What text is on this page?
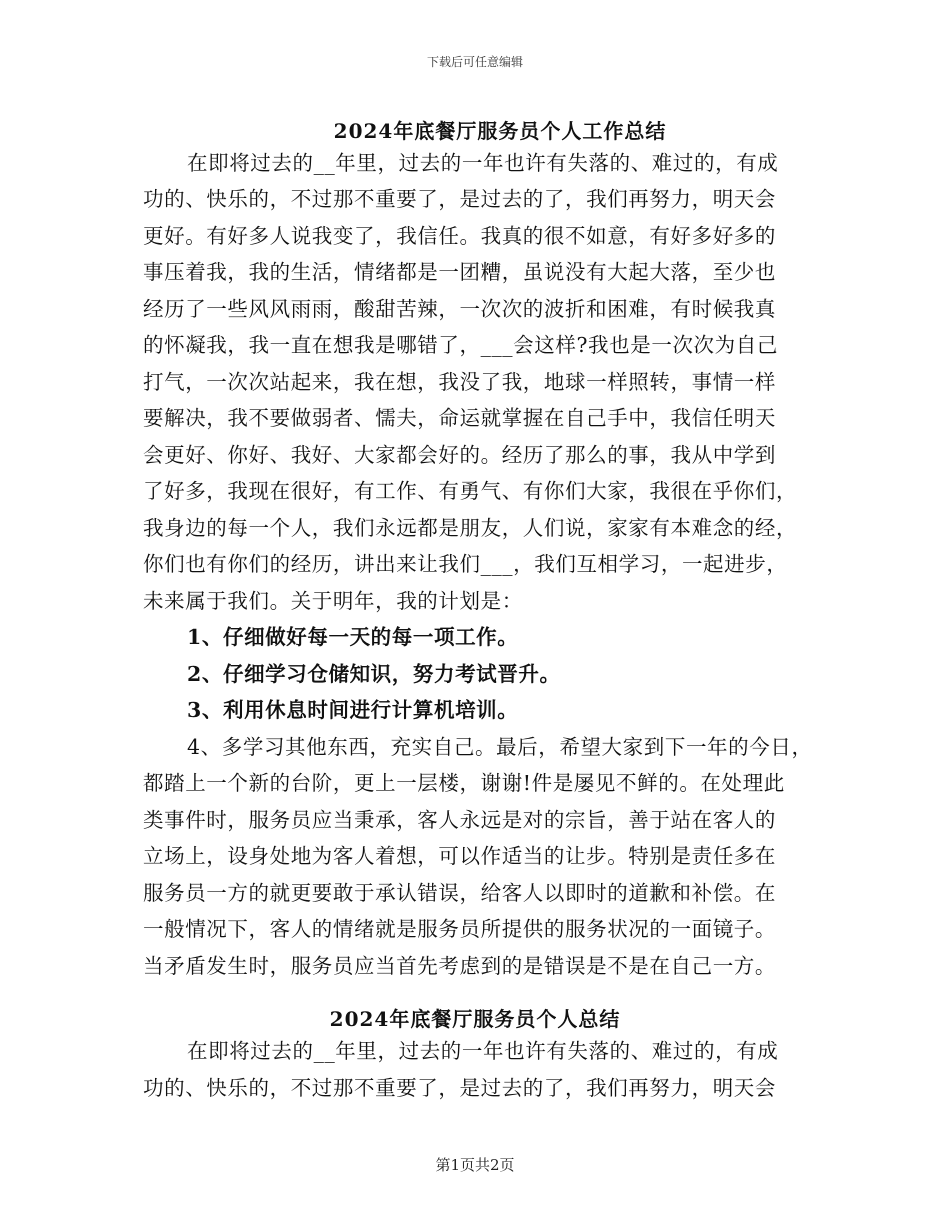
下载后可任意编辑
2024年底餐厅服务员个人工作总结
在即将过去的__年里，过去的一年也许有失落的、难过的，有成
功的、快乐的，不过那不重要了，是过去的了，我们再努力，明天会
更好。有好多人说我变了，我信任。我真的很不如意，有好多好多的
事压着我，我的生活，情绪都是一团糟，虽说没有大起大落，至少也
经历了一些风风雨雨，酸甜苦辣，一次次的波折和困难，有时候我真
的怀凝我，我一直在想我是哪错了，___会这样?我也是一次次为自己
打气，一次次站起来，我在想，我没了我，地球一样照转，事情一样
要解决，我不要做弱者、懦夫，命运就掌握在自己手中，我信任明天
会更好、你好、我好、大家都会好的。经历了那么的事，我从中学到
了好多，我现在很好，有工作、有勇气、有你们大家，我很在乎你们，
我身边的每一个人，我们永远都是朋友，人们说，家家有本难念的经，
你们也有你们的经历，讲出来让我们___，我们互相学习，一起进步，
未来属于我们。关于明年，我的计划是：
1、仔细做好每一天的每一项工作。
2、仔细学习仓储知识，努力考试晋升。
3、利用休息时间进行计算机培训。
4、多学习其他东西，充实自己。最后，希望大家到下一年的今日，
都踏上一个新的台阶，更上一层楼，谢谢!件是屡见不鲜的。在处理此
类事件时，服务员应当秉承，客人永远是对的宗旨，善于站在客人的
立场上，设身处地为客人着想，可以作适当的让步。特别是责任多在
服务员一方的就更要敢于承认错误，给客人以即时的道歉和补偿。在
一般情况下，客人的情绪就是服务员所提供的服务状况的一面镜子。
当矛盾发生时，服务员应当首先考虑到的是错误是不是在自己一方。
2024年底餐厅服务员个人总结
在即将过去的__年里，过去的一年也许有失落的、难过的，有成
功的、快乐的，不过那不重要了，是过去的了，我们再努力，明天会
第1页共2页
